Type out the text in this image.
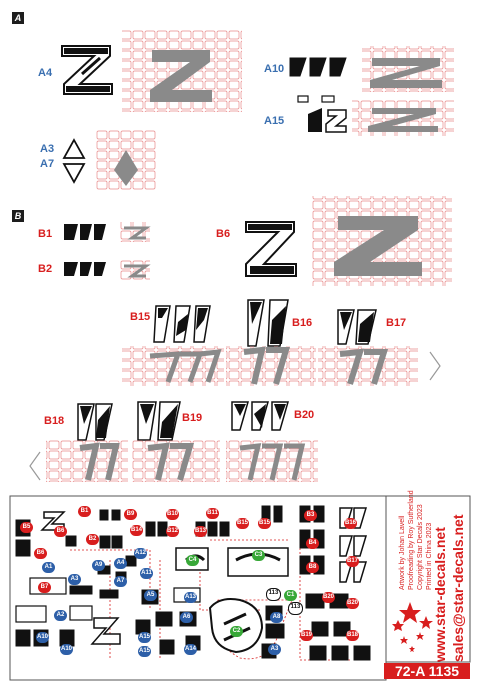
A
B
A4	A10
A15
A3
A7
B1
B2
B6
B15	B16	B17
B18	B19	B20
B1	B9	B10	B11
B5
B6	B14	B12	B13
B15 B15
B3
B16
B4
B6
B2
B8
B17
B7
B20
B20
B19	B18
A1	A9	A4
A12
A11
A7
A3
A5	A13
A2	A6	A8
A10	A15
A14	A3
A10	A15
C4
C3
C1
C2
113
113
Artwork by Johan Lavell Proofreading by Roy Sutherland Copyright Star Decals 2023 Printed in China 2023 www.star-decals.net sales@star-decals.net
72-A 1135
